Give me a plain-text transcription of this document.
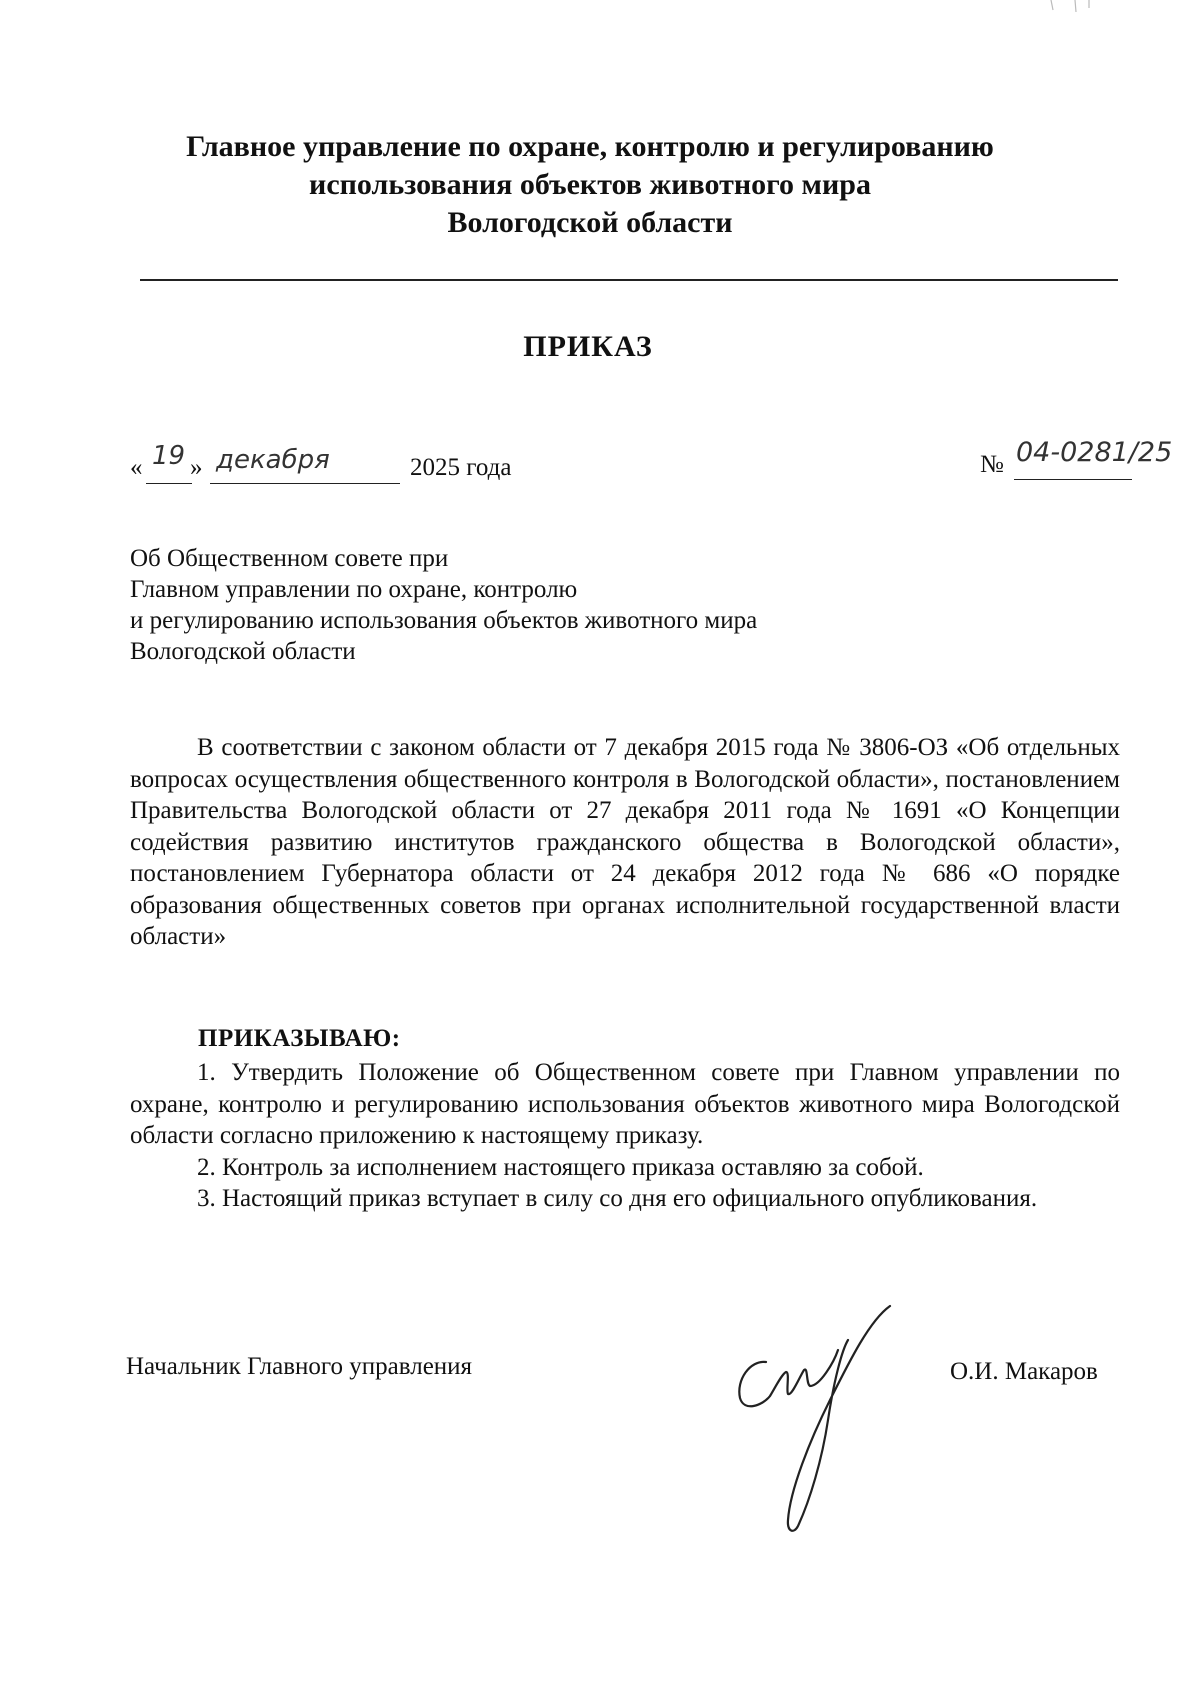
Главное управление по охране, контролю и регулированию
использования объектов животного мира
Вологодской области
ПРИКАЗ
« 19 » декабря	2025 года	№ 04-0281/25
Об Общественном совете при
Главном управлении по охране, контролю
и регулированию использования объектов животного мира
Вологодской области

В соответствии с законом области от 7 декабря 2015 года № 3806-ОЗ «Об отдельных вопросах осуществления общественного контроля в Вологодской области», постановлением Правительства Вологодской области от 27 декабря 2011 года № 1691 «О Концепции содействия развитию институтов гражданского общества в Вологодской области», постановлением Губернатора области от 24 декабря 2012 года № 686 «О порядке образования общественных советов при органах исполнительной государственной власти области»

ПРИКАЗЫВАЮ:

1. Утвердить Положение об Общественном совете при Главном управлении по охране, контролю и регулированию использования объектов животного мира Вологодской области согласно приложению к настоящему приказу.

2. Контроль за исполнением настоящего приказа оставляю за собой.

3. Настоящий приказ вступает в силу со дня его официального опубликования.

Начальник Главного управления	О.И. Макаров
